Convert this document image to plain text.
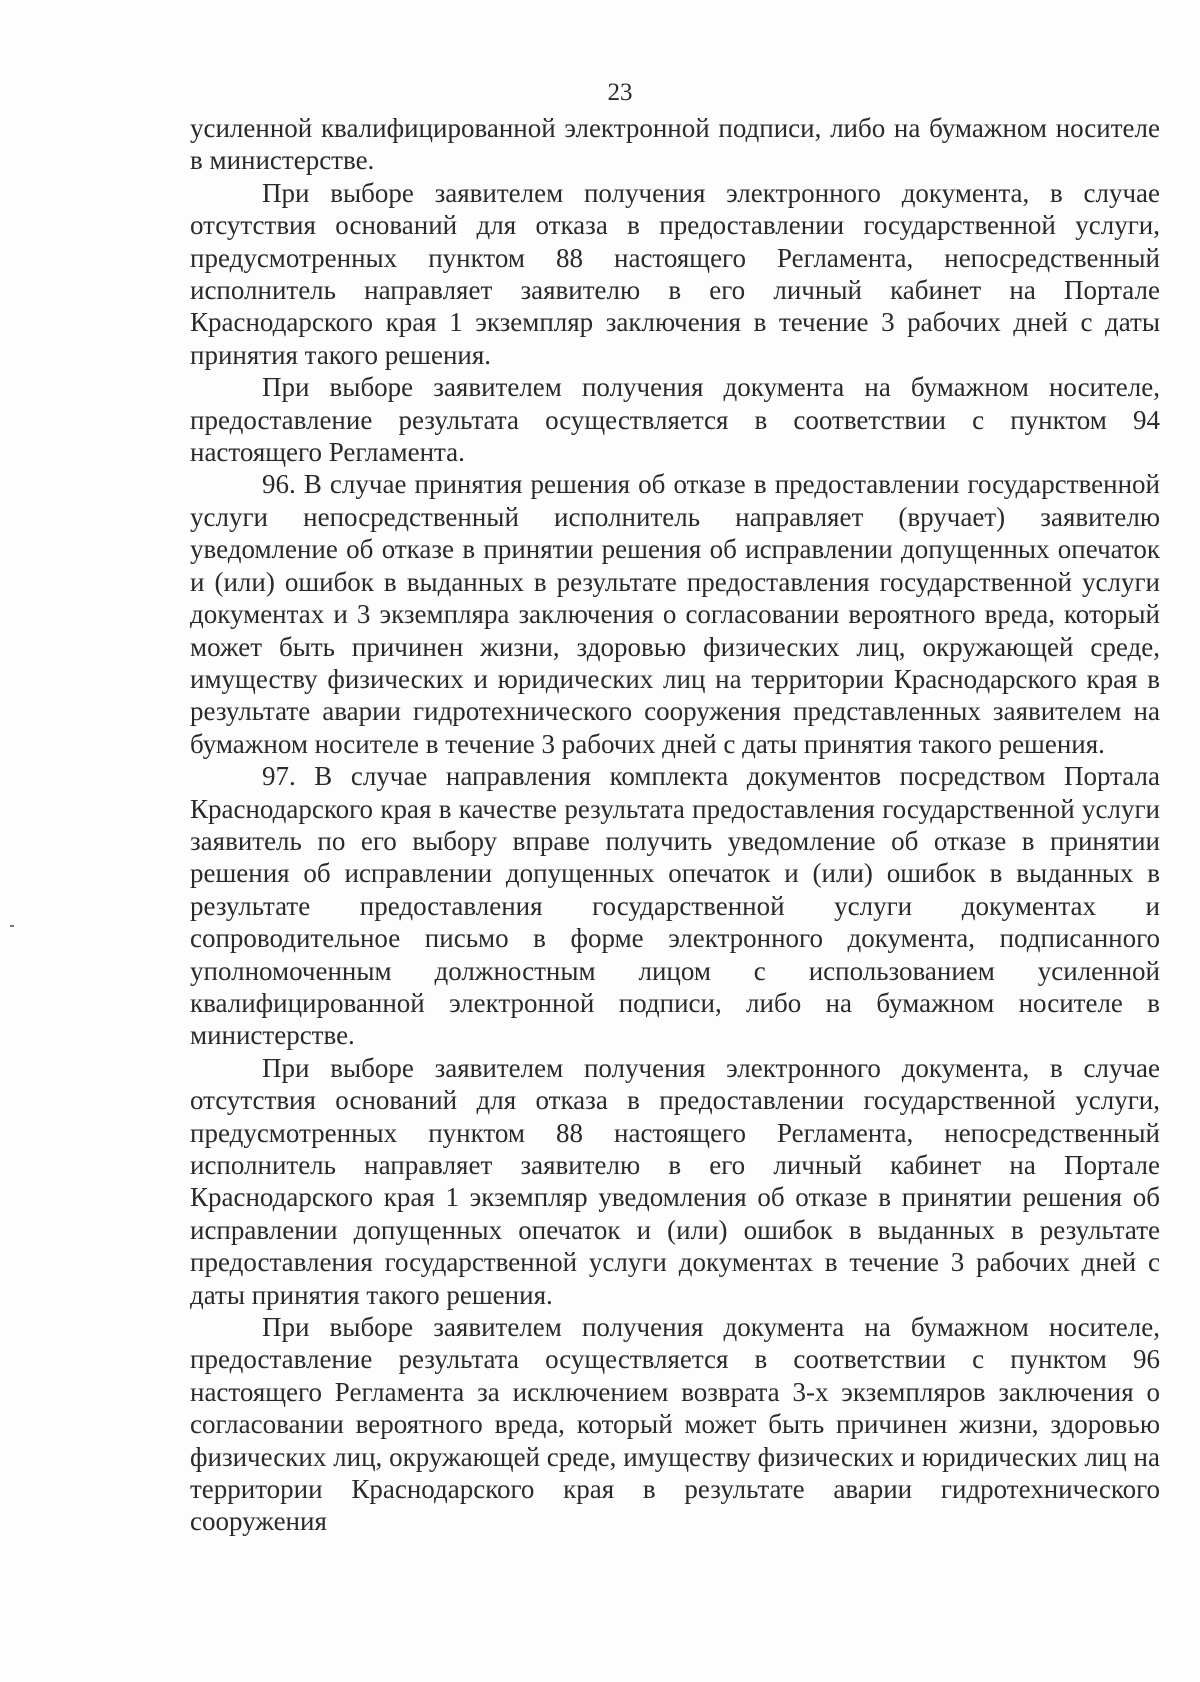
23

усиленной квалифицированной электронной подписи, либо на бумажном носителе в министерстве.

При выборе заявителем получения электронного документа, в случае отсутствия оснований для отказа в предоставлении государственной услуги, предусмотренных пунктом 88 настоящего Регламента, непосредственный исполнитель направляет заявителю в его личный кабинет на Портале Краснодарского края 1 экземпляр заключения в течение 3 рабочих дней с даты принятия такого решения.

При выборе заявителем получения документа на бумажном носителе, предоставление результата осуществляется в соответствии с пунктом 94 настоящего Регламента.

96. В случае принятия решения об отказе в предоставлении государственной услуги непосредственный исполнитель направляет (вручает) заявителю уведомление об отказе в принятии решения об исправлении допущенных опечаток и (или) ошибок в выданных в результате предоставления государственной услуги документах и 3 экземпляра заключения о согласовании вероятного вреда, который может быть причинен жизни, здоровью физических лиц, окружающей среде, имуществу физических и юридических лиц на территории Краснодарского края в результате аварии гидротехнического сооружения представленных заявителем на бумажном носителе в течение 3 рабочих дней с даты принятия такого решения.

97. В случае направления комплекта документов посредством Портала Краснодарского края в качестве результата предоставления государственной услуги заявитель по его выбору вправе получить уведомление об отказе в принятии решения об исправлении допущенных опечаток и (или) ошибок в выданных в результате предоставления государственной услуги документах и сопроводительное письмо в форме электронного документа, подписанного уполномоченным должностным лицом с использованием усиленной квалифицированной электронной подписи, либо на бумажном носителе в министерстве.

При выборе заявителем получения электронного документа, в случае отсутствия оснований для отказа в предоставлении государственной услуги, предусмотренных пунктом 88 настоящего Регламента, непосредственный исполнитель направляет заявителю в его личный кабинет на Портале Краснодарского края 1 экземпляр уведомления об отказе в принятии решения об исправлении допущенных опечаток и (или) ошибок в выданных в результате предоставления государственной услуги документах в течение 3 рабочих дней с даты принятия такого решения.

При выборе заявителем получения документа на бумажном носителе, предоставление результата осуществляется в соответствии с пунктом 96 настоящего Регламента за исключением возврата 3-х экземпляров заключения о согласовании вероятного вреда, который может быть причинен жизни, здоровью физических лиц, окружающей среде, имуществу физических и юридических лиц на территории Краснодарского края в результате аварии гидротехнического сооружения
